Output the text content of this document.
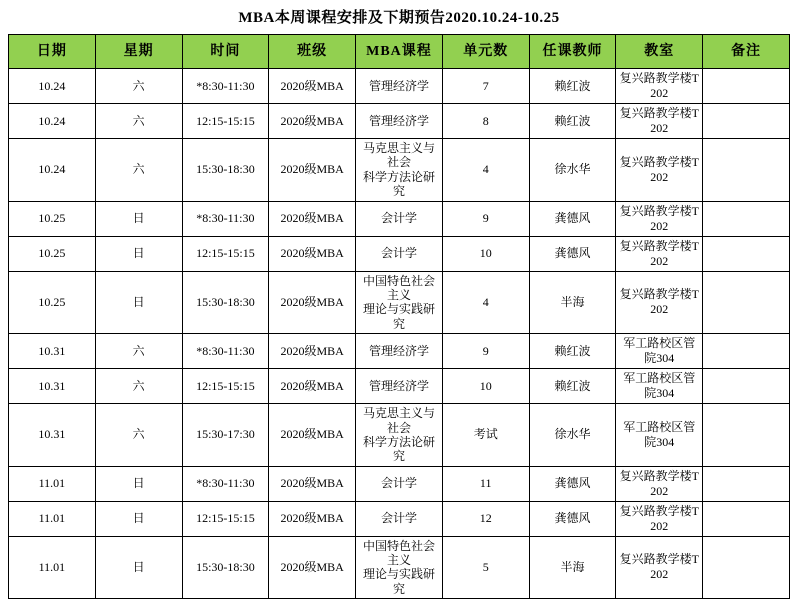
MBA本周课程安排及下期预告2020.10.24-10.25
日期	星期	时间	班级	MBA课程	单元数	任课教师	教室	备注
10.24	六	*8:30-11:30	2020级MBA	管理经济学	7	赖红波	复兴路教学楼T202	
10.24	六	12:15-15:15	2020级MBA	管理经济学	8	赖红波	复兴路教学楼T202	
10.24	六	15:30-18:30	2020级MBA	马克思主义与社会
科学方法论研究	4	徐水华	复兴路教学楼T202	
10.25	日	*8:30-11:30	2020级MBA	会计学	9	龚德风	复兴路教学楼T202	
10.25	日	12:15-15:15	2020级MBA	会计学	10	龚德风	复兴路教学楼T202	
10.25	日	15:30-18:30	2020级MBA	中国特色社会主义
理论与实践研究	4	半海	复兴路教学楼T202	
10.31	六	*8:30-11:30	2020级MBA	管理经济学	9	赖红波	军工路校区管院304	
10.31	六	12:15-15:15	2020级MBA	管理经济学	10	赖红波	军工路校区管院304	
10.31	六	15:30-17:30	2020级MBA	马克思主义与社会
科学方法论研究	考试	徐水华	军工路校区管院304	
11.01	日	*8:30-11:30	2020级MBA	会计学	11	龚德风	复兴路教学楼T202	
11.01	日	12:15-15:15	2020级MBA	会计学	12	龚德风	复兴路教学楼T202	
11.01	日	15:30-18:30	2020级MBA	中国特色社会主义
理论与实践研究	5	半海	复兴路教学楼T202	
